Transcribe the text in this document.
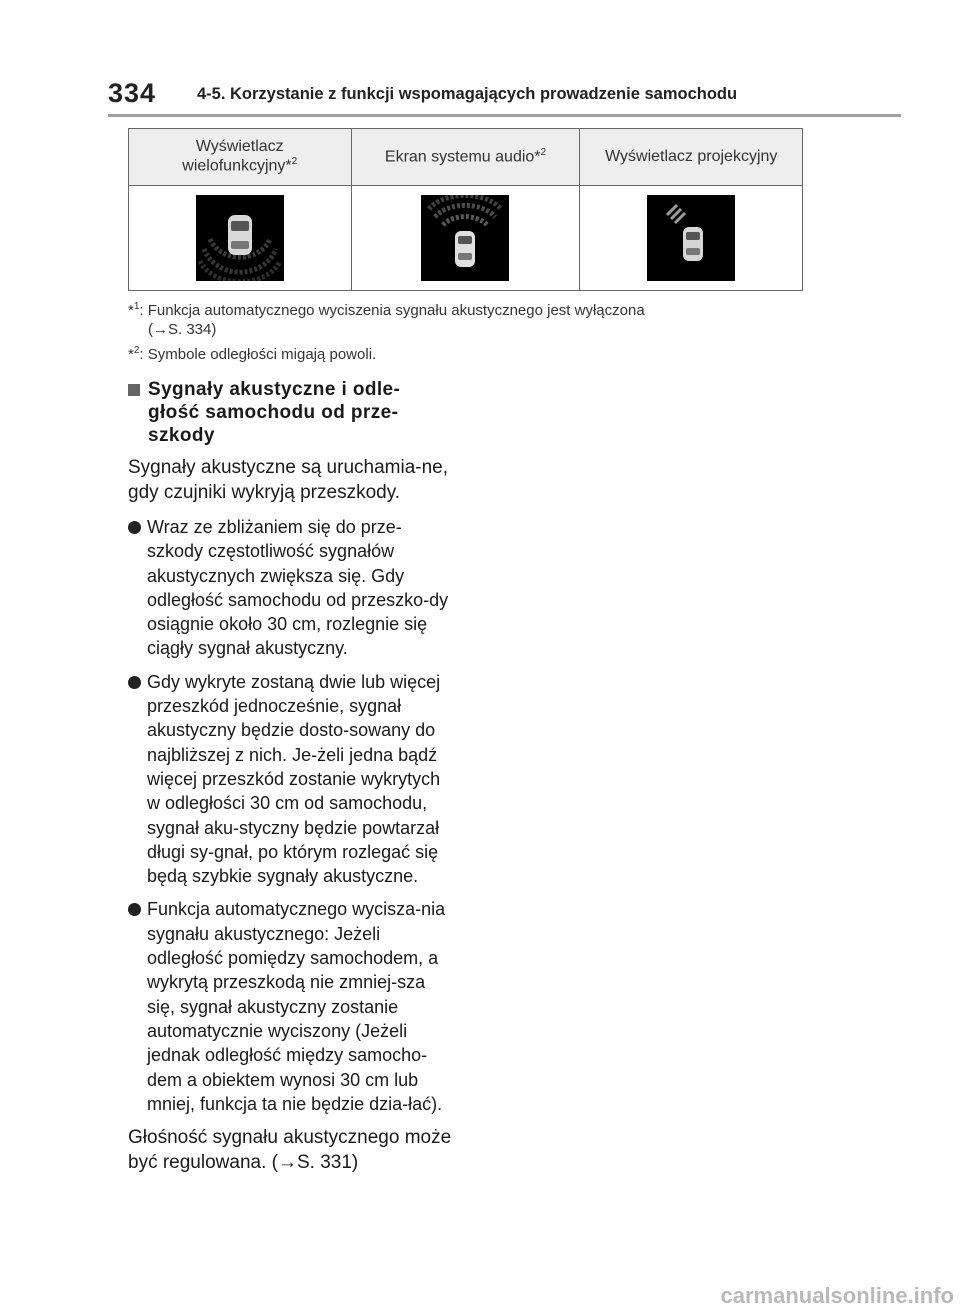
334 4-5. Korzystanie z funkcji wspomagających prowadzenie samochodu
Wyświetlacz
wielofunkcyjny*$^2$	Ekran systemu audio*$^2$	Wyświetlacz projekcyjny

*$^1$: Funkcja automatycznego wyciszenia sygnału akustycznego jest wyłączona
(→S. 334)
*$^2$: Symbole odległości migają powoli.
Sygnały akustyczne i odle-głość samochodu od prze-szkody

Sygnały akustyczne są uruchamia-ne, gdy czujniki wykryją przeszkody.

Wraz ze zbliżaniem się do prze-szkody częstotliwość sygnałów akustycznych zwiększa się. Gdy odległość samochodu od przeszko-dy osiągnie około 30 cm, rozlegnie się ciągły sygnał akustyczny.
Gdy wykryte zostaną dwie lub więcej przeszkód jednocześnie, sygnał akustyczny będzie dosto-sowany do najbliższej z nich. Je-żeli jedna bądź więcej przeszkód zostanie wykrytych w odległości 30 cm od samochodu, sygnał aku-styczny będzie powtarzał długi sy-gnał, po którym rozlegać się będą szybkie sygnały akustyczne.
Funkcja automatycznego wycisza-nia sygnału akustycznego: Jeżeli odległość pomiędzy samochodem, a wykrytą przeszkodą nie zmniej-sza się, sygnał akustyczny zostanie automatycznie wyciszony (Jeżeli jednak odległość między samocho-dem a obiektem wynosi 30 cm lub mniej, funkcja ta nie będzie dzia-łać).

Głośność sygnału akustycznego może być regulowana. (→S. 331)

carmanualsonline.info
